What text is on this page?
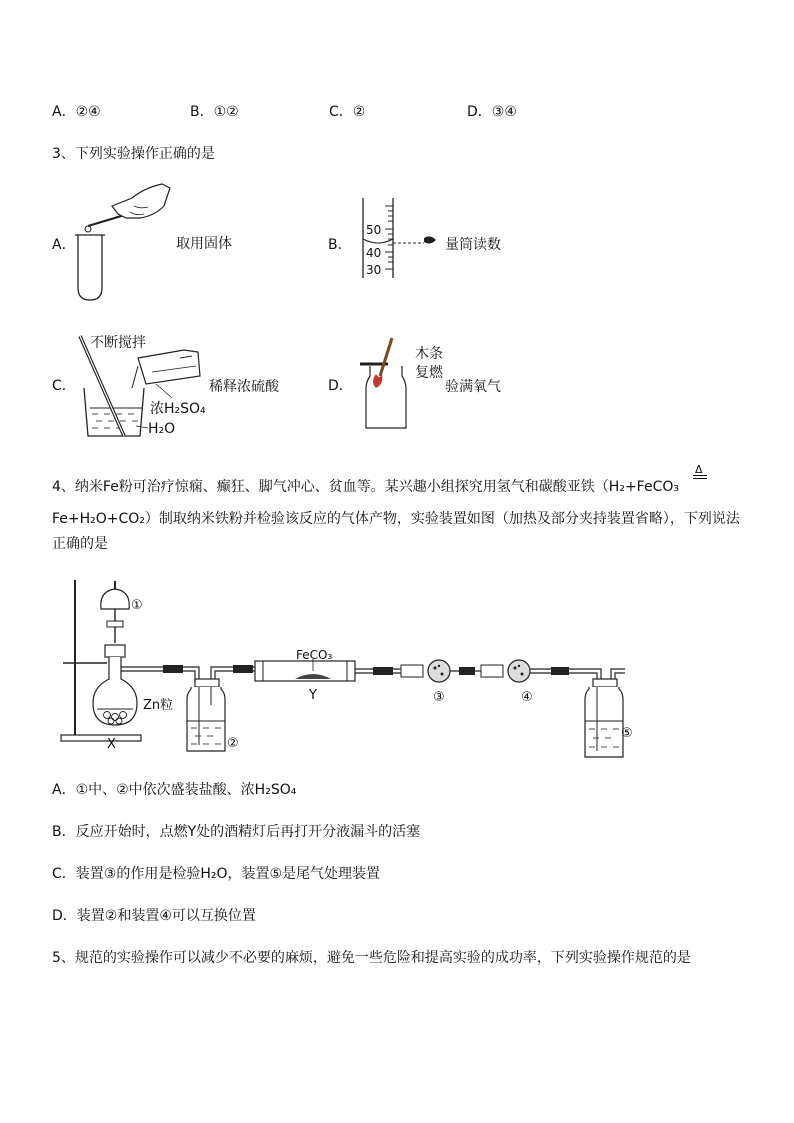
A．②④	B．①②	C．②	D．③④
3、下列实验操作正确的是
A．	取用固体	B．
50
40
30
量筒读数
C．
不断搅拌
浓H₂SO₄
H₂O
稀释浓硫酸	D．
木条
复燃
验满氧气
4、纳米Fe粉可治疗惊痫、癫狂、脚气冲心、贫血等。某兴趣小组探究用氢气和碳酸亚铁（H₂+FeCO₃
Δ
Fe+H₂O+CO₂）制取纳米铁粉并检验该反应的气体产物，实验装置如图（加热及部分夹持装置省略），下列说法
正确的是
①
Zn粒
X	②
FeCO₃
Y	③	④
⑤
A．①中、②中依次盛装盐酸、浓H₂SO₄
B．反应开始时，点燃Y处的酒精灯后再打开分液漏斗的活塞
C．装置③的作用是检验H₂O，装置⑤是尾气处理装置
D．装置②和装置④可以互换位置
5、规范的实验操作可以减少不必要的麻烦，避免一些危险和提高实验的成功率，下列实验操作规范的是
